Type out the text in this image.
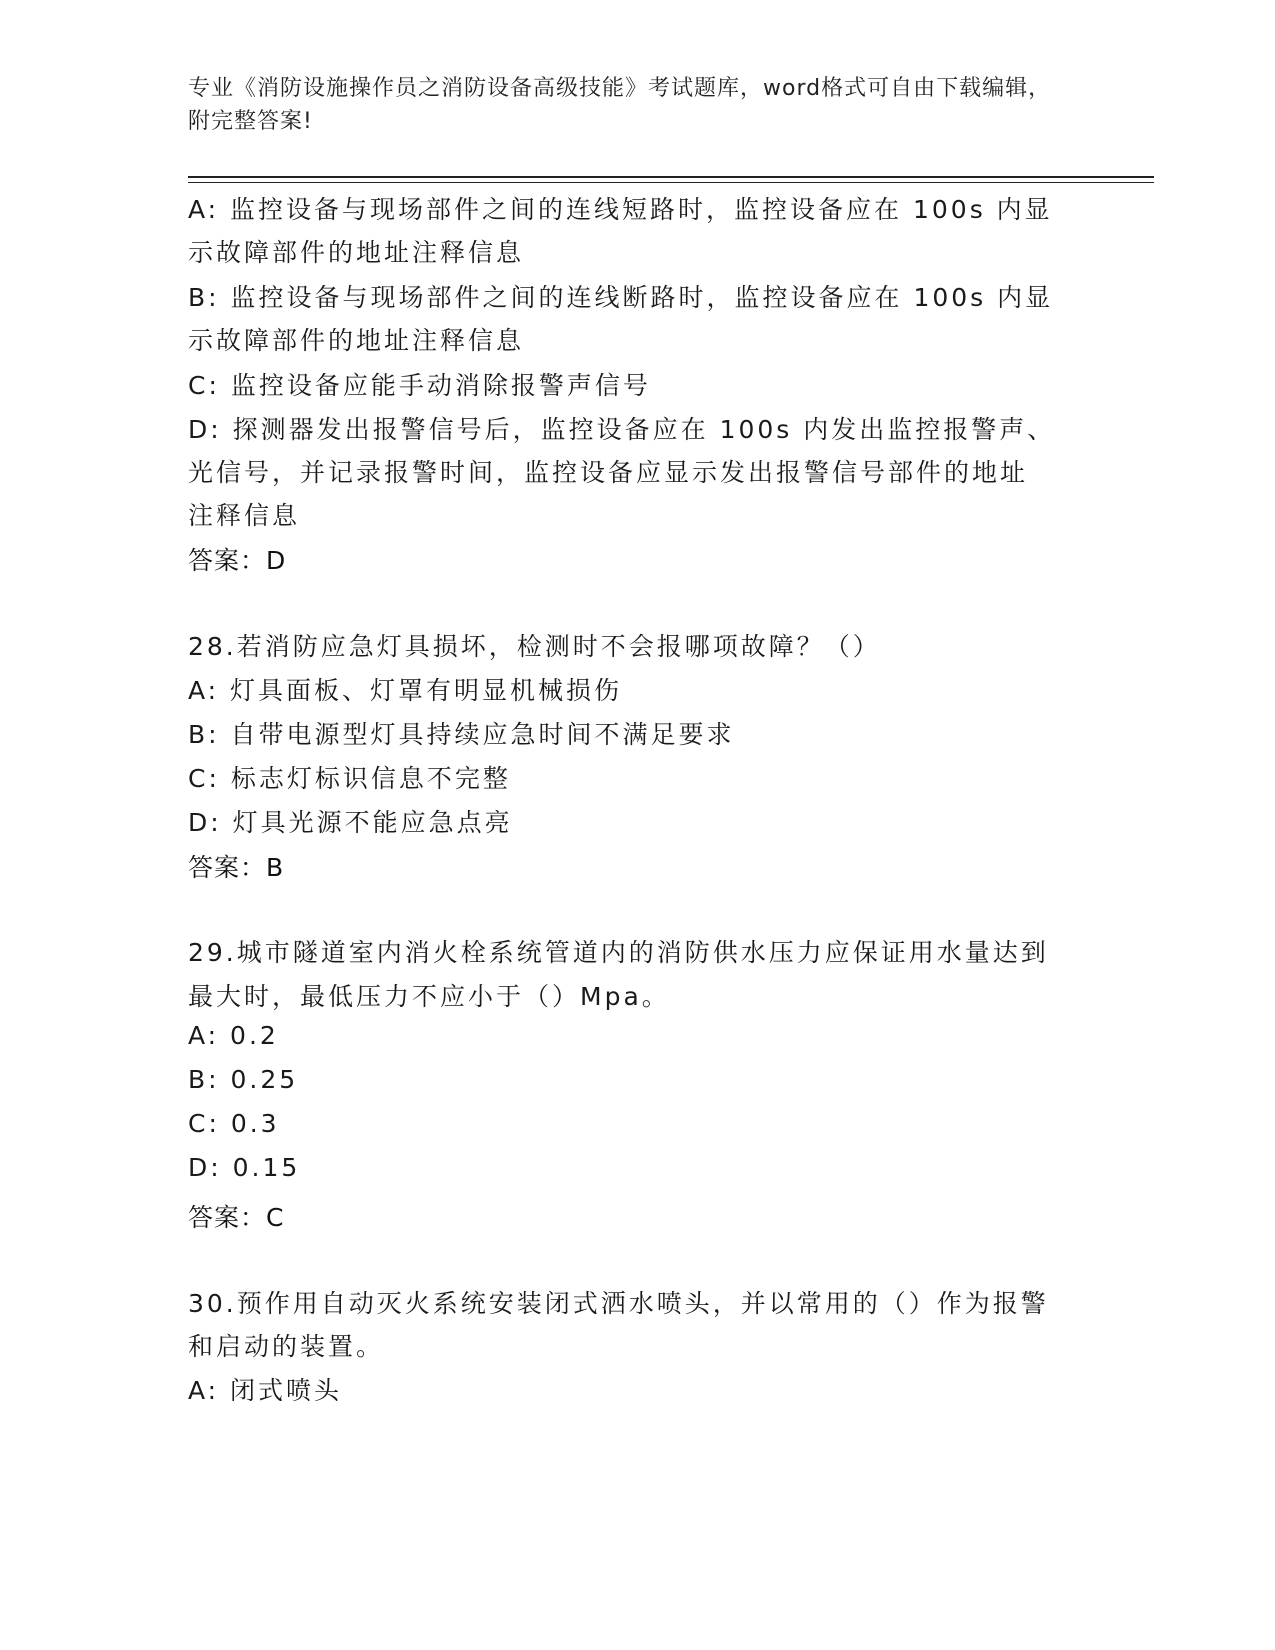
专业《消防设施操作员之消防设备高级技能》考试题库，word格式可自由下载编辑，附完整答案!
A: 监控设备与现场部件之间的连线短路时，监控设备应在 100s 内显
示故障部件的地址注释信息
B: 监控设备与现场部件之间的连线断路时，监控设备应在 100s 内显
示故障部件的地址注释信息
C: 监控设备应能手动消除报警声信号
D: 探测器发出报警信号后，监控设备应在 100s 内发出监控报警声、
光信号，并记录报警时间，监控设备应显示发出报警信号部件的地址
注释信息
答案：D
28.若消防应急灯具损坏，检测时不会报哪项故障？（）
A: 灯具面板、灯罩有明显机械损伤
B: 自带电源型灯具持续应急时间不满足要求
C: 标志灯标识信息不完整
D: 灯具光源不能应急点亮
答案：B
29.城市隧道室内消火栓系统管道内的消防供水压力应保证用水量达到
最大时，最低压力不应小于（）Mpa。
A: 0.2
B: 0.25
C: 0.3
D: 0.15
答案：C
30.预作用自动灭火系统安装闭式洒水喷头，并以常用的（）作为报警
和启动的装置。
A: 闭式喷头
